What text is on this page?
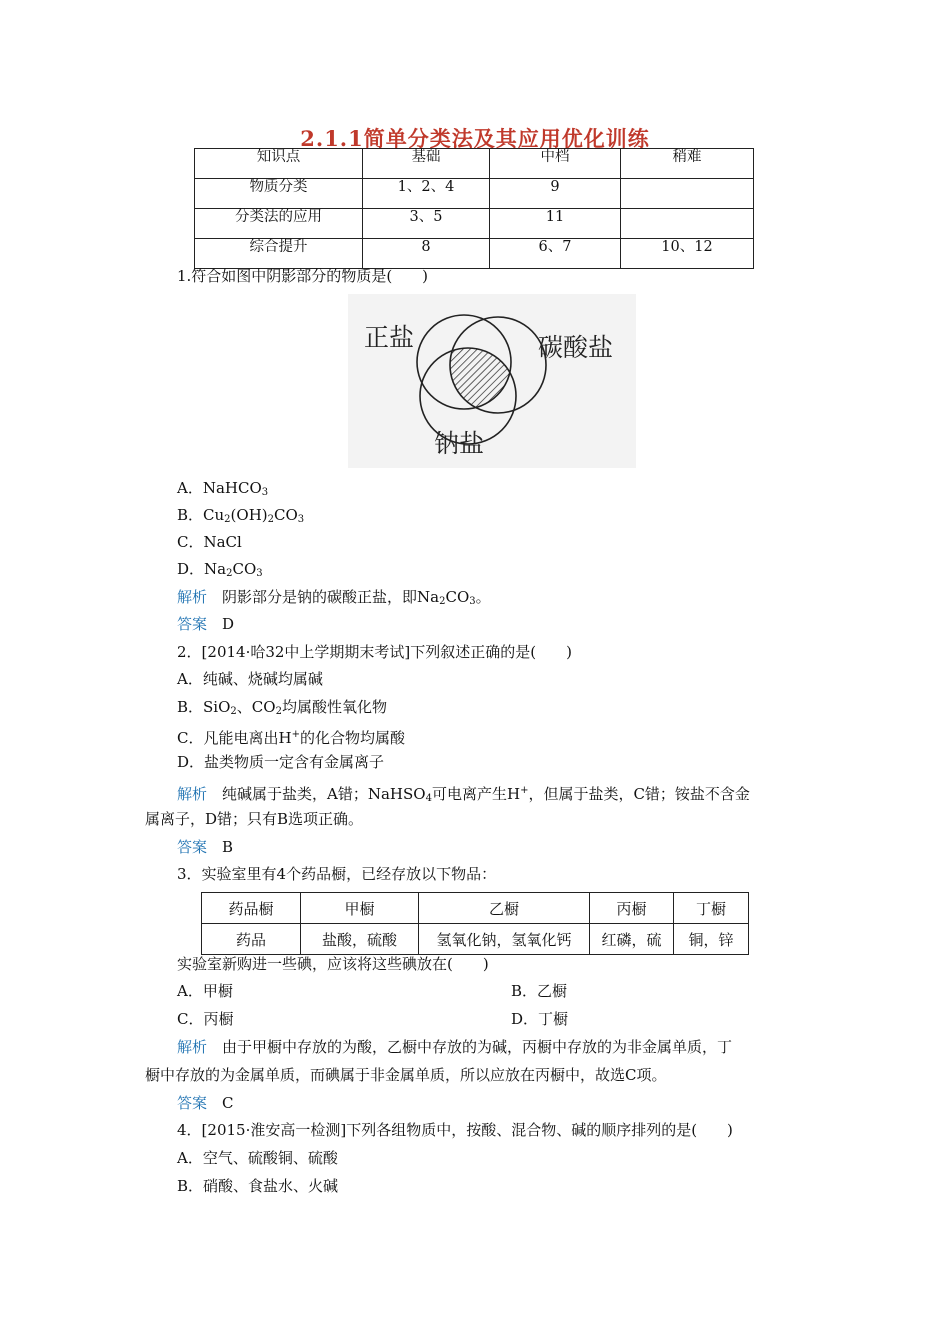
2.1.1简单分类法及其应用优化训练
知识点	基础	中档	稍难
物质分类	1、2、4	9	
分类法的应用	3、5	11	
综合提升	8	6、7	10、12
1.符合如图中阴影部分的物质是(　　)
正盐	碳酸盐
钠盐
A．NaHCO$_3$
B．$Cu_2(OH)_2CO_3$
C．NaCl
D．$Na_2CO_3$
解析　 阴影部分是钠的碳酸正盐，即$Na_2CO_3$。
答案　 D
2．[2014·哈32中上学期期末考试]下列叙述正确的是(　　)
A．纯碱、烧碱均属碱
B．SiO$_2$、$CO_2$均属酸性氧化物
C．凡能电离出H+的化合物均属酸
D．盐类物质一定含有金属离子
解析　 纯碱属于盐类，A错；NaHSO$_4$可电离产生H+，但属于盐类，C错；铵盐不含金
属离子，D错；只有B选项正确。
答案　 B
3．实验室里有4个药品橱，已经存放以下物品：
药品橱	甲橱	乙橱	丙橱	丁橱
药品	盐酸，硫酸	氢氧化钠，氢氧化钙	红磷，硫	铜，锌
实验室新购进一些碘，应该将这些碘放在(　　)
A．甲橱	B．乙橱
C．丙橱	D．丁橱
解析　 由于甲橱中存放的为酸，乙橱中存放的为碱，丙橱中存放的为非金属单质，丁
橱中存放的为金属单质，而碘属于非金属单质，所以应放在丙橱中，故选C项。
答案　 C
4．[2015·淮安高一检测]下列各组物质中，按酸、混合物、碱的顺序排列的是(　　)
A．空气、硫酸铜、硫酸
B．硝酸、食盐水、火碱
